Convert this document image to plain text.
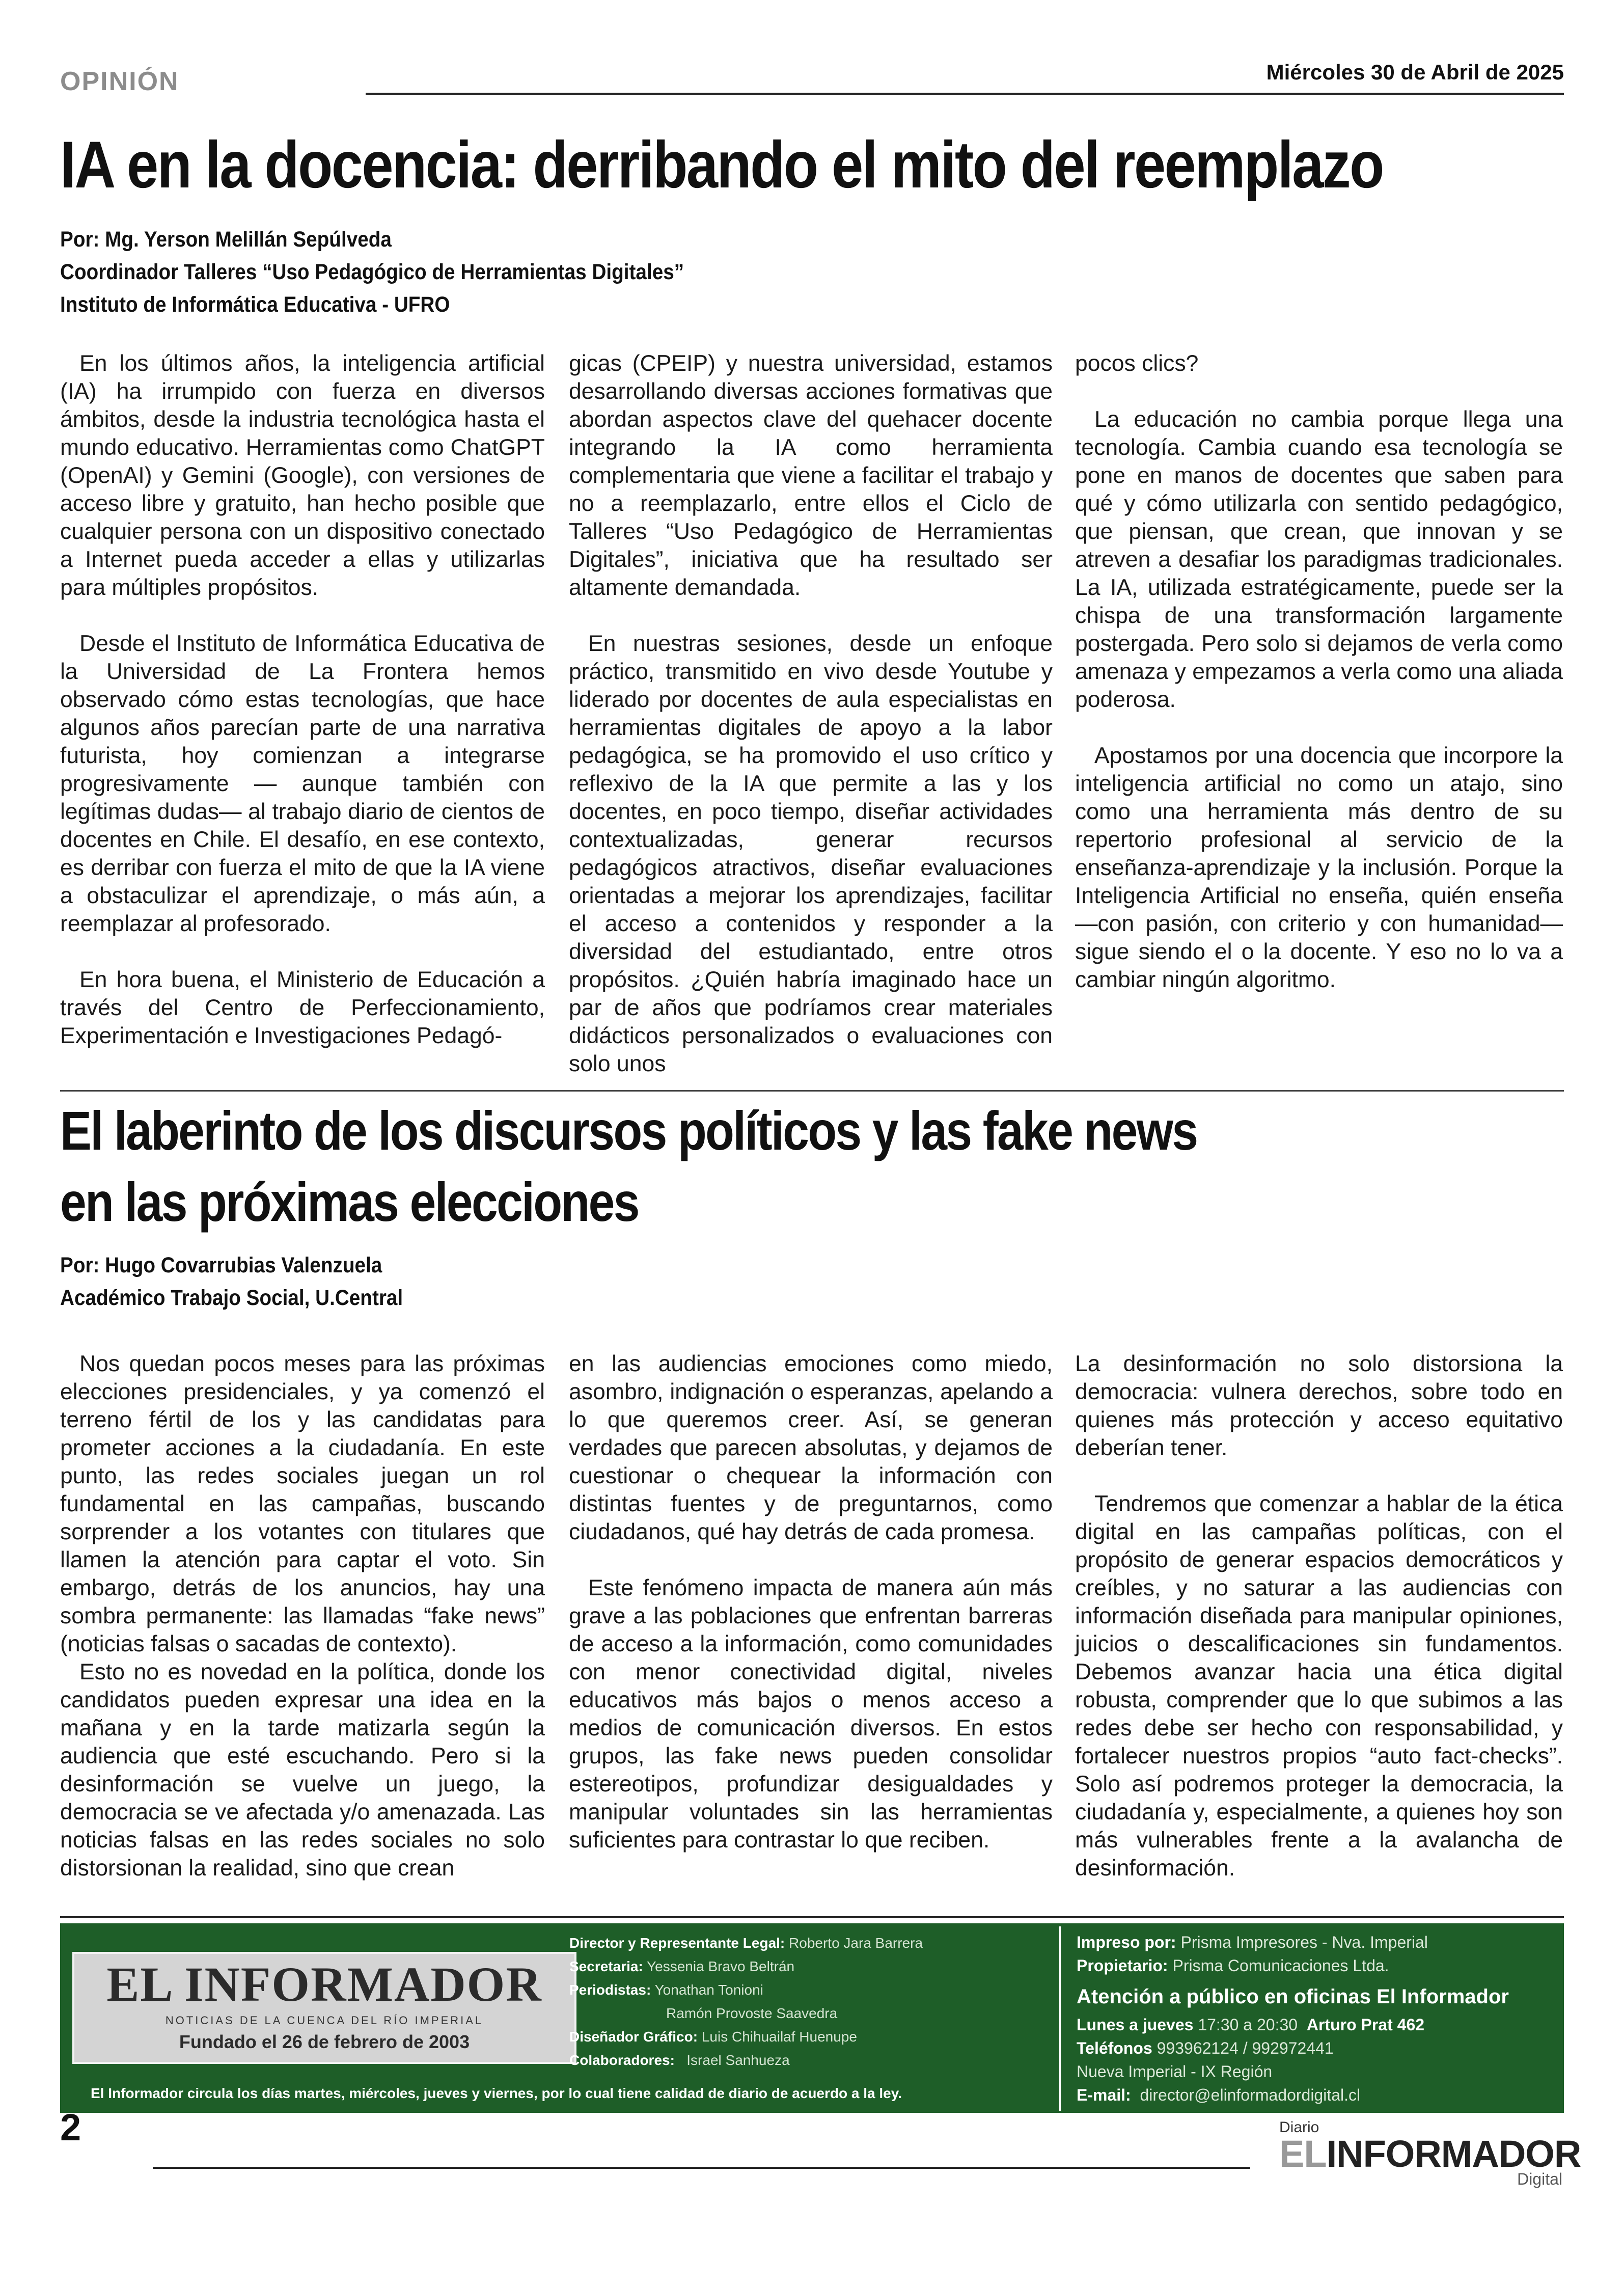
OPINIÓN	Miércoles 30 de Abril de 2025
IA en la docencia: derribando el mito del reemplazo
Por: Mg. Yerson Melillán Sepúlveda
Coordinador Talleres “Uso Pedagógico de Herramientas Digitales”
Instituto de Informática Educativa - UFRO

En los últimos años, la inteligencia artificial (IA) ha irrumpido con fuerza en diversos ámbitos, desde la industria tecnológica hasta el mundo educativo. Herramientas como ChatGPT (OpenAI) y Gemini (Google), con versiones de acceso libre y gratuito, han hecho posible que cualquier persona con un dispositivo conectado a Internet pueda acceder a ellas y utilizarlas para múltiples propósitos.

Desde el Instituto de Informática Educativa de la Universidad de La Frontera hemos observado cómo estas tecnologías, que hace algunos años parecían parte de una narrativa futurista, hoy comienzan a integrarse progresivamente — aunque también con legítimas dudas— al trabajo diario de cientos de docentes en Chile. El desafío, en ese contexto, es derribar con fuerza el mito de que la IA viene a obstaculizar el aprendizaje, o más aún, a reemplazar al profesorado.

En hora buena, el Ministerio de Educación a través del Centro de Perfeccionamiento, Experimentación e Investigaciones Pedagó-

gicas (CPEIP) y nuestra universidad, estamos desarrollando diversas acciones formativas que abordan aspectos clave del quehacer docente integrando la IA como herramienta complementaria que viene a facilitar el trabajo y no a reemplazarlo, entre ellos el Ciclo de Talleres “Uso Pedagógico de Herramientas Digitales”, iniciativa que ha resultado ser altamente demandada.

En nuestras sesiones, desde un enfoque práctico, transmitido en vivo desde Youtube y liderado por docentes de aula especialistas en herramientas digitales de apoyo a la labor pedagógica, se ha promovido el uso crítico y reflexivo de la IA que permite a las y los docentes, en poco tiempo, diseñar actividades contextualizadas, generar recursos pedagógicos atractivos, diseñar evaluaciones orientadas a mejorar los aprendizajes, facilitar el acceso a contenidos y responder a la diversidad del estudiantado, entre otros propósitos. ¿Quién habría imaginado hace un par de años que podríamos crear materiales didácticos personalizados o evaluaciones con solo unos

pocos clics?

La educación no cambia porque llega una tecnología. Cambia cuando esa tecnología se pone en manos de docentes que saben para qué y cómo utilizarla con sentido pedagógico, que piensan, que crean, que innovan y se atreven a desafiar los paradigmas tradicionales. La IA, utilizada estratégicamente, puede ser la chispa de una transformación largamente postergada. Pero solo si dejamos de verla como amenaza y empezamos a verla como una aliada poderosa.

Apostamos por una docencia que incorpore la inteligencia artificial no como un atajo, sino como una herramienta más dentro de su repertorio profesional al servicio de la enseñanza-aprendizaje y la inclusión. Porque la Inteligencia Artificial no enseña, quién enseña —con pasión, con criterio y con humanidad— sigue siendo el o la docente. Y eso no lo va a cambiar ningún algoritmo.

El laberinto de los discursos políticos y las fake news en las próximas elecciones
Por: Hugo Covarrubias Valenzuela
Académico Trabajo Social, U.Central

Nos quedan pocos meses para las próximas elecciones presidenciales, y ya comenzó el terreno fértil de los y las candidatas para prometer acciones a la ciudadanía. En este punto, las redes sociales juegan un rol fundamental en las campañas, buscando sorprender a los votantes con titulares que llamen la atención para captar el voto. Sin embargo, detrás de los anuncios, hay una sombra permanente: las llamadas “fake news” (noticias falsas o sacadas de contexto).

Esto no es novedad en la política, donde los candidatos pueden expresar una idea en la mañana y en la tarde matizarla según la audiencia que esté escuchando. Pero si la desinformación se vuelve un juego, la democracia se ve afectada y/o amenazada. Las noticias falsas en las redes sociales no solo distorsionan la realidad, sino que crean

en las audiencias emociones como miedo, asombro, indignación o esperanzas, apelando a lo que queremos creer. Así, se generan verdades que parecen absolutas, y dejamos de cuestionar o chequear la información con distintas fuentes y de preguntarnos, como ciudadanos, qué hay detrás de cada promesa.

Este fenómeno impacta de manera aún más grave a las poblaciones que enfrentan barreras de acceso a la información, como comunidades con menor conectividad digital, niveles educativos más bajos o menos acceso a medios de comunicación diversos. En estos grupos, las fake news pueden consolidar estereotipos, profundizar desigualdades y manipular voluntades sin las herramientas suficientes para contrastar lo que reciben.

La desinformación no solo distorsiona la democracia: vulnera derechos, sobre todo en quienes más protección y acceso equitativo deberían tener.

Tendremos que comenzar a hablar de la ética digital en las campañas políticas, con el propósito de generar espacios democráticos y creíbles, y no saturar a las audiencias con información diseñada para manipular opiniones, juicios o descalificaciones sin fundamentos. Debemos avanzar hacia una ética digital robusta, comprender que lo que subimos a las redes debe ser hecho con responsabilidad, y fortalecer nuestros propios “auto fact-checks”. Solo así podremos proteger la democracia, la ciudadanía y, especialmente, a quienes hoy son más vulnerables frente a la avalancha de desinformación.

EL INFORMADOR
NOTICIAS DE LA CUENCA DEL RÍO IMPERIAL
Fundado el 26 de febrero de 2003
Director y Representante Legal: Roberto Jara Barrera
Secretaria: Yessenia Bravo Beltrán
Periodistas: Yonathan Tonioni
Ramón Provoste Saavedra
Diseñador Gráfico: Luis Chihuailaf Huenupe
Colaboradores: Israel Sanhueza
Impreso por: Prisma Impresores - Nva. Imperial
Propietario: Prisma Comunicaciones Ltda.
Atención a público en oficinas El Informador
Lunes a jueves 17:30 a 20:30 Arturo Prat 462
Teléfonos 993962124 / 992972441
Nueva Imperial - IX Región
E-mail: director@elinformadordigital.cl
El Informador circula los días martes, miércoles, jueves y viernes, por lo cual tiene calidad de diario de acuerdo a la ley.
2	Diario
ELINFORMADOR
Digital
